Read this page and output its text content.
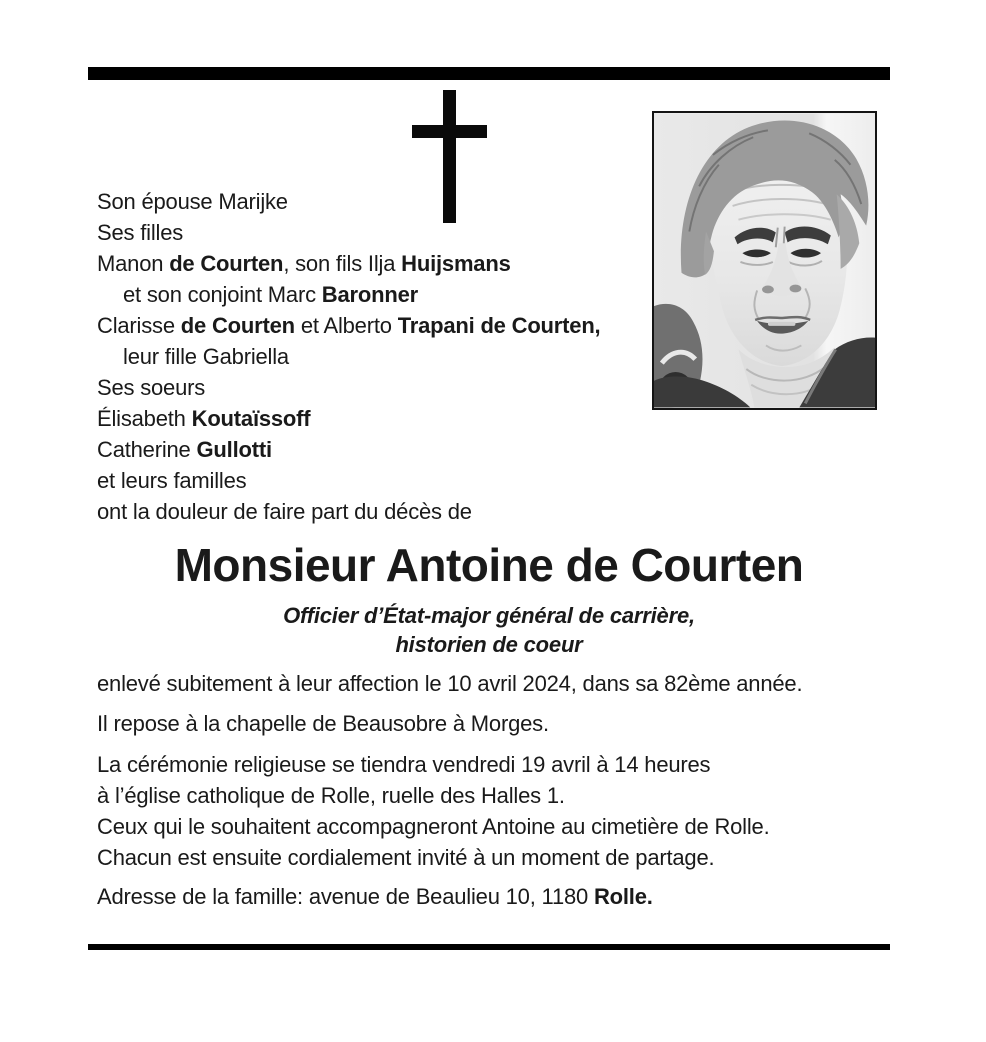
Son épouse Marijke
Ses filles
Manon de Courten, son fils Ilja Huijsmans
et son conjoint Marc Baronner
Clarisse de Courten et Alberto Trapani de Courten,
leur fille Gabriella
Ses soeurs
Élisabeth Koutaïssoff
Catherine Gullotti
et leurs familles
ont la douleur de faire part du décès de
Monsieur Antoine de Courten
Officier d’État-major général de carrière,
historien de coeur
enlevé subitement à leur affection le 10 avril 2024, dans sa 82ème année.
Il repose à la chapelle de Beausobre à Morges.
La cérémonie religieuse se tiendra vendredi 19 avril à 14 heures
à l’église catholique de Rolle, ruelle des Halles 1.
Ceux qui le souhaitent accompagneront Antoine au cimetière de Rolle.
Chacun est ensuite cordialement invité à un moment de partage.
Adresse de la famille: avenue de Beaulieu 10, 1180 Rolle.
